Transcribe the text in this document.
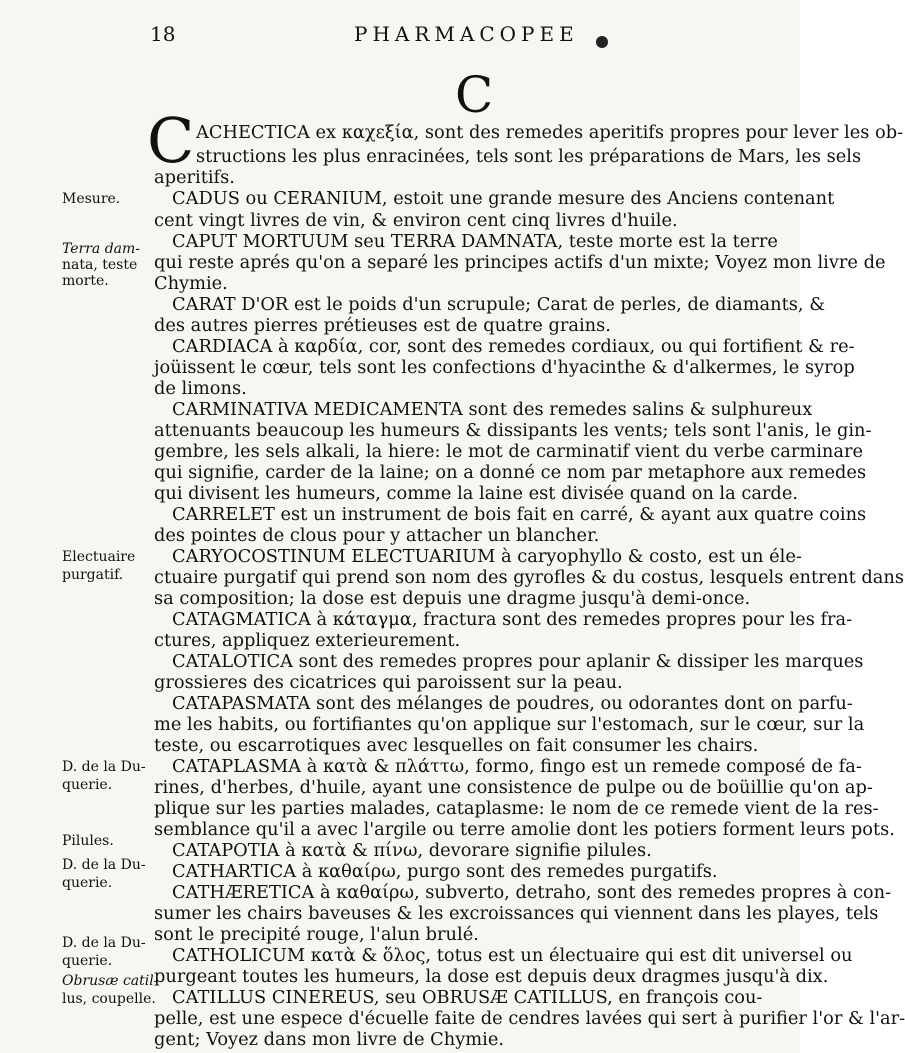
18	PHARMACOPEE
C
C ACHECTICA ex καχεξία, sont des remedes aperitifs propres pour lever les ob-
structions les plus enracinées, tels sont les préparations de Mars, les sels
aperitifs.
CADUS ou CERANIUM, estoit une grande mesure des Anciens contenant
cent vingt livres de vin, & environ cent cinq livres d'huile.
CAPUT MORTUUM seu TERRA DAMNATA, teste morte est la terre
qui reste aprés qu'on a separé les principes actifs d'un mixte; Voyez mon livre de
Chymie.
CARAT D'OR est le poids d'un scrupule; Carat de perles, de diamants, &
des autres pierres prétieuses est de quatre grains.
CARDIACA à καρδία, cor, sont des remedes cordiaux, ou qui fortifient & re-
joüissent le cœur, tels sont les confections d'hyacinthe & d'alkermes, le syrop
de limons.
CARMINATIVA MEDICAMENTA sont des remedes salins & sulphureux
attenuants beaucoup les humeurs & dissipants les vents; tels sont l'anis, le gin-
gembre, les sels alkali, la hiere: le mot de carminatif vient du verbe carminare
qui signifie, carder de la laine; on a donné ce nom par metaphore aux remedes
qui divisent les humeurs, comme la laine est divisée quand on la carde.
CARRELET est un instrument de bois fait en carré, & ayant aux quatre coins
des pointes de clous pour y attacher un blancher.
CARYOCOSTINUM ELECTUARIUM à caryophyllo & costo, est un éle-
ctuaire purgatif qui prend son nom des gyrofles & du costus, lesquels entrent dans
sa composition; la dose est depuis une dragme jusqu'à demi-once.
CATAGMATICA à κάταγμα, fractura sont des remedes propres pour les fra-
ctures, appliquez exterieurement.
CATALOTICA sont des remedes propres pour aplanir & dissiper les marques
grossieres des cicatrices qui paroissent sur la peau.
CATAPASMATA sont des mélanges de poudres, ou odorantes dont on parfu-
me les habits, ou fortifiantes qu'on applique sur l'estomach, sur le cœur, sur la
teste, ou escarrotiques avec lesquelles on fait consumer les chairs.
CATAPLASMA à κατὰ & πλάττω, formo, fingo est un remede composé de fa-
rines, d'herbes, d'huile, ayant une consistence de pulpe ou de boüillie qu'on ap-
plique sur les parties malades, cataplasme: le nom de ce remede vient de la res-
semblance qu'il a avec l'argile ou terre amolie dont les potiers forment leurs pots.
CATAPOTIA à κατὰ & πίνω, devorare signifie pilules.
CATHARTICA à καθαίρω, purgo sont des remedes purgatifs.
CATHÆRETICA à καθαίρω, subverto, detraho, sont des remedes propres à con-
sumer les chairs baveuses & les excroissances qui viennent dans les playes, tels
sont le precipité rouge, l'alun brulé.
CATHOLICUM κατὰ & ὅλος, totus est un électuaire qui est dit universel ou
purgeant toutes les humeurs, la dose est depuis deux dragmes jusqu'à dix.
CATILLUS CINEREUS, seu OBRUSÆ CATILLUS, en françois cou-
pelle, est une espece d'écuelle faite de cendres lavées qui sert à purifier l'or & l'ar-
gent; Voyez dans mon livre de Chymie.
Mesure.
Terra dam-
nata, teste
morte.
Electuaire
purgatif.
D. de la Du-
querie.
Pilules.
D. de la Du-
querie.
D. de la Du-
querie.
Obrusæ catil-
lus, coupelle.
